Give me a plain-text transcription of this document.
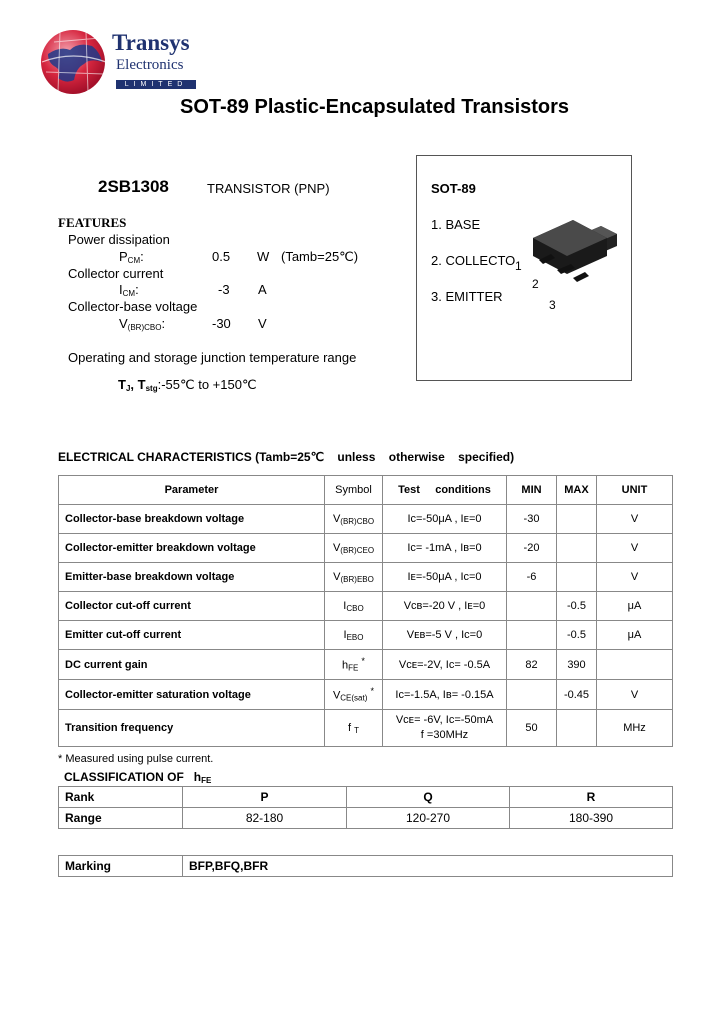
Transys
Electronics
LIMITED
SOT-89 Plastic-Encapsulated Transistors
2SB1308	TRANSISTOR (PNP)
FEATURES
Power dissipation
$P_{CM}$:	0.5 W (Tamb=25℃)
Collector current
$I_{CM}$:	-3 A
Collector-base voltage
$V_{(BR)CBO}$:	-30 V
Operating and storage junction temperature range
$T_J$, $T_{stg}:-55℃$ to +150℃
SOT-89
1. BASE
2. COLLECTO
3. EMITTER
1
2
3
ELECTRICAL CHARACTERISTICS (Tamb=25℃    unless    otherwise    specified)
Parameter	Symbol	Test     conditions	MIN	MAX	UNIT
Collector-base breakdown voltage	$V_{(BR)CBO}$	Iᴄ=-50μA , Iᴇ=0	-30		V
Collector-emitter breakdown voltage	$V_{(BR)CEO}$	Iᴄ= -1mA , Iʙ=0	-20		V
Emitter-base breakdown voltage	$V_{(BR)EBO}$	Iᴇ=-50μA , Iᴄ=0	-6		V
Collector cut-off current	$I_{CBO}$	Vᴄʙ=-20 V , Iᴇ=0		-0.5	μA
Emitter cut-off current	$I_{EBO}$	Vᴇʙ=-5 V , Iᴄ=0		-0.5	μA
DC current gain	$h_{FE}$ *	Vᴄᴇ=-2V, Iᴄ= -0.5A	82	390	
Collector-emitter saturation voltage	$V_{CE(sat)}$ *	Iᴄ=-1.5A, Iʙ= -0.15A		-0.45	V
Transition frequency	f $_T$	Vᴄᴇ= -6V, Iᴄ=-50mA
f =30MHz	50		MHz
* Measured using pulse current.
CLASSIFICATION OF $h_{FE}$
Rank	P	Q	R
Range	82-180	120-270	180-390
Marking	BFP,BFQ,BFR
